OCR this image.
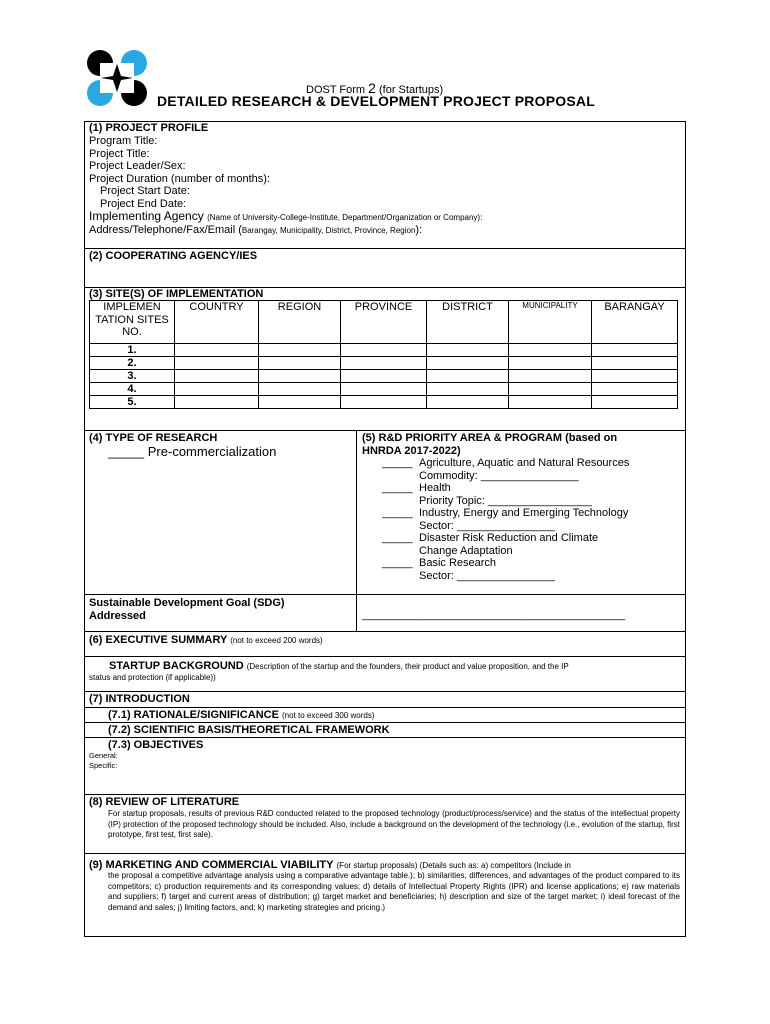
DOST Form 2 (for Startups)
DETAILED RESEARCH & DEVELOPMENT PROJECT PROPOSAL
(1) PROJECT PROFILE
Program Title:
Project Title:
Project Leader/Sex:
Project Duration (number of months):
Project Start Date:
Project End Date:
Implementing Agency (Name of University-College-Institute, Department/Organization or Company):
Address/Telephone/Fax/Email (Barangay, Municipality, District, Province, Region):
(2) COOPERATING AGENCY/IES
(3) SITE(S) OF IMPLEMENTATION
IMPLEMEN TATION SITES NO.	COUNTRY	REGION	PROVINCE	DISTRICT	MUNICIPALITY	BARANGAY
1.						
2.						
3.						
4.						
5.						
(4) TYPE OF RESEARCH
_____ Pre-commercialization
(5) R&D PRIORITY AREA & PROGRAM (based on
HNRDA 2017-2022)
_____ Agriculture, Aquatic and Natural Resources
Commodity: ________________
_____ Health
Priority Topic: _________________
_____ Industry, Energy and Emerging Technology
Sector: ________________
_____ Disaster Risk Reduction and Climate
Change Adaptation
_____ Basic Research
Sector: ________________
Sustainable Development Goal (SDG)
Addressed	___________________________________________
(6) EXECUTIVE SUMMARY (not to exceed 200 words)
STARTUP BACKGROUND (Description of the startup and the founders, their product and value proposition, and the IP
status and protection (if applicable))
(7) INTRODUCTION
(7.1) RATIONALE/SIGNIFICANCE (not to exceed 300 words)
(7.2) SCIENTIFIC BASIS/THEORETICAL FRAMEWORK
(7.3) OBJECTIVES
General:
Specific:
(8) REVIEW OF LITERATURE
For startup proposals, results of previous R&D conducted related to the proposed technology (product/process/service) and the status of the intellectual property (IP) protection of the proposed technology should be included. Also, include a background on the development of the technology (i.e., evolution of the startup, first prototype, first test, first sale).
(9) MARKETING AND COMMERCIAL VIABILITY (For startup proposals) (Details such as: a) competitors (Include in
the proposal a competitive advantage analysis using a comparative advantage table.); b) similarities, differences, and advantages of the product compared to its competitors; c) production requirements and its corresponding values; d) details of Intellectual Property Rights (IPR) and license applications; e) raw materials and suppliers; f) target and current areas of distribution; g) target market and beneficiaries; h) description and size of the target market; i) ideal forecast of the demand and sales; j) limiting factors, and; k) marketing strategies and pricing.)
